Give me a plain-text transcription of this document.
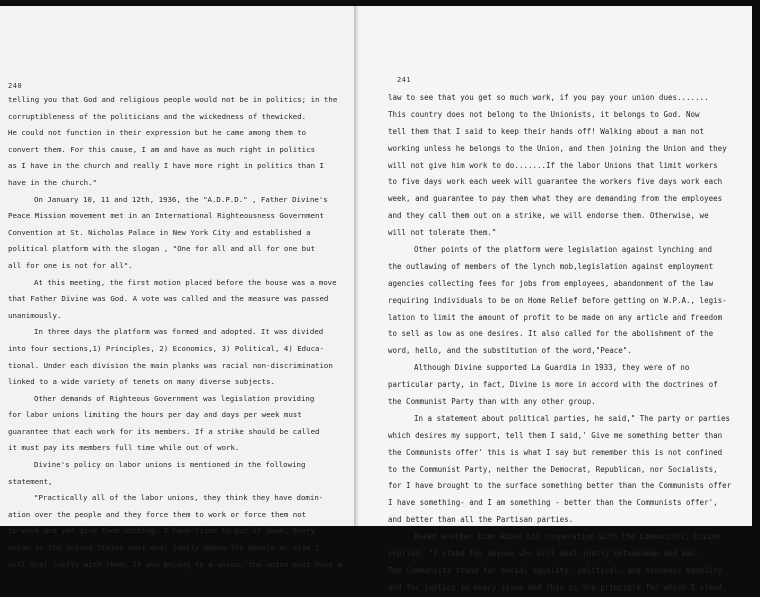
240
telling you that God and religious people would not be in politics; in the
corruptibleness of the politicians and the wickedness of thewicked.
He could not function in their expression but he came among them to
convert them. For this cause, I am and have as much right in politics
as I have in the church and really I have more right in politics than I
have in the church."
On January 10, 11 and 12th, 1936, the "A.D.P.D." , Father Divine's
Peace Mission movement met in an International Righteousness Government
Convention at St. Nicholas Palace in New York City and established a
political platform with the slogan , "One for all and all for one but
all for one is not for all".
At this meeting, the first motion placed before the house was a move
that Father Divine was God. A vote was called and the measure was passed
unanimously.
In three days the platform was formed and adopted. It was divided
into four sections,1) Principles, 2) Economics, 3) Political, 4) Educa-
tional. Under each division the main planks was racial non-discrimination
linked to a wide variety of tenets on many diverse subjects.
Other demands of Righteous Government was legislation providing
for labor unions limiting the hours per day and days per week must
guarantee that each work for its members. If a strike should be called
it must pay its members full time while out of work.
Divine's policy on labor unions is mentioned in the following
statement,
"Practically all of the labor unions, they think they have domin-
ation over the people and they force them to work or force them not
to work and yet give them nothing. I have risen to put it down. Every
union in the United States must deal justly among the people or else I
will deal justly with them. If you belong to a union, the union must have a
241
law to see that you get so much work, if you pay your union dues.......
This country does not belong to the Unionists, it belongs to God. Now
tell them that I said to keep their hands off! Walking about a man not
working unless he belongs to the Union, and then joining the Union and they
will not give him work to do.......If the labor Unions that limit workers
to five days work each week will guarantee the workers five days work each
week, and guarantee to pay them what they are demanding from the employees
and they call them out on a strike, we will endorse them. Otherwise, we
will not tolerate them."
Other points of the platform were legislation against lynching and
the outlawing of members of the lynch mob,legislation against employment
agencies collecting fees for jobs from employees, abandonment of the law
requiring individuals to be on Home Relief before getting on W.P.A., legis-
lation to limit the amount of profit to be made on any article and freedom
to sell as low as one desires. It also called for the abolishment of the
word, hello, and the substitution of the word,"Peace".
Although Divine supported La Guardia in 1933, they were of no
particular party, in fact, Divine is more in accord with the doctrines of
the Communist Party than with any other group.
In a statement about political parties, he said," The party or parties
which desires my support, tell them I said,' Give me something better than
the Communists offer' this is what I say but remember this is not confined
to the Communist Party, neither the Democrat, Republican, nor Socialists,
for I have brought to the surface something better than the Communists offer
I have something- and I am something - better than the Communists offer',
and better than all the Partisan parties.
Asked another time about his cooperation with the Communists, Divine
replied, "I stand for anyone who will deal justly betweenman and man.
The Communists stand for social equality, political, and economic equality
and for justice in every issue and this is the principle for which I stand.
